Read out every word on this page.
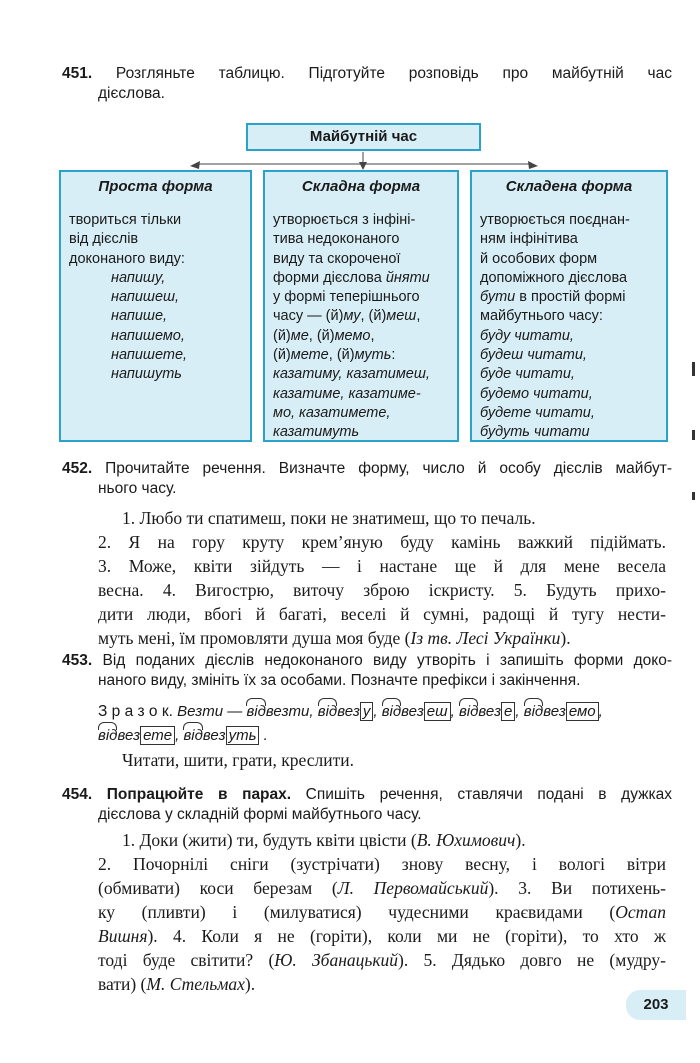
451. Розгляньте таблицю. Підготуйте розповідь про майбутній час
дієслова.
Майбутній час
Проста форма
твориться тільки
від дієслів
доконаного виду:
напишу,
напишеш,
напише,
напишемо,
напишете,
напишуть
Складна форма
утворюється з інфіні-
тива недоконаного
виду та скороченої
форми дієслова йняти
у формі теперішнього
часу — (й)му, (й)меш,
(й)ме, (й)мемо,
(й)мете, (й)муть:
казатиму, казатимеш,
казатиме, казатиме-
мо, казатимете,
казатимуть
Складена форма
утворюється поєднан-
ням інфінітива
й особових форм
допоміжного дієслова
бути в простій формі
майбутнього часу:
буду читати,
будеш читати,
буде читати,
будемо читати,
будете читати,
будуть читати
452. Прочитайте речення. Визначте форму, число й особу дієслів майбут-
нього часу.

1. Любо ти спатимеш, поки не знатимеш, що то печаль.

2. Я на гору круту крем’яную буду камінь важкий підіймать.

3. Може, квіти зійдуть — і настане ще й для мене весела

весна. 4. Вигострю, виточу зброю іскристу. 5. Будуть прихо-

дити люди, вбогі й багаті, веселі й сумні, радощі й тугу нести-

муть мені, їм промовляти душа моя буде (Із тв. Лесі Українки).

453. Від поданих дієслів недоконаного виду утворіть і запишіть форми доко-
наного виду, змініть їх за особами. Позначте префікси і закінчення.
З р а з о к. Везти — відвезти, відвез у , відвез еш , відвез е , відвез емо ,
відвез ете , відвез уть .

Читати, шити, грати, креслити.

454. Попрацюйте в парах. Спишіть речення, ставлячи подані в дужках
дієслова у складній формі майбутнього часу.

1. Доки (жити) ти, будуть квіти цвісти (В. Юхимович).

2. Почорнілі сніги (зустрічати) знову весну, і вологі вітри

(обмивати) коси березам (Л. Первомайський). 3. Ви потихень-

ку (пливти) і (милуватися) чудесними краєвидами (Остап

Вишня). 4. Коли я не (горіти), коли ми не (горіти), то хто ж

тоді буде світити? (Ю. Збанацький). 5. Дядько довго не (мудру-

вати) (М. Стельмах).

203
